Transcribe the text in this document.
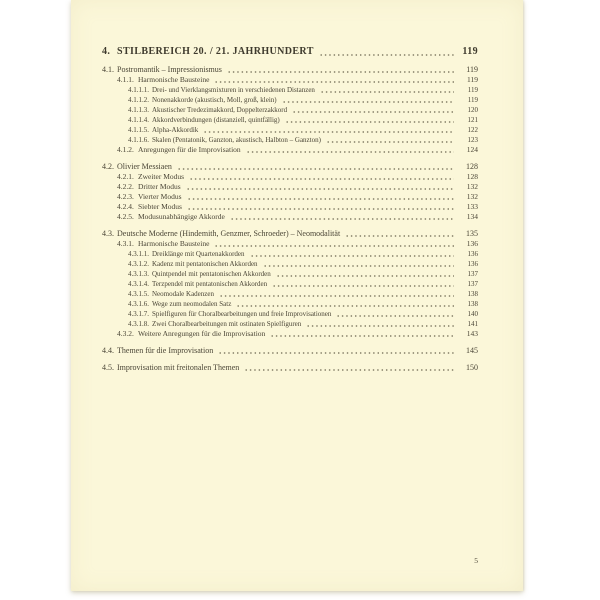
4. STILBEREICH 20. / 21. JAHRHUNDERT	119
4.1. Postromantik – Impressionismus	119
4.1.1. Harmonische Bausteine	119
4.1.1.1. Drei- und Vierklangsmixturen in verschiedenen Distanzen	119
4.1.1.2. Nonenakkorde (akustisch, Moll, groß, klein)	119
4.1.1.3. Akustischer Tredezimakkord, Doppelterzakkord	120
4.1.1.4. Akkordverbindungen (distanziell, quintfällig)	121
4.1.1.5. Alpha-Akkordik	122
4.1.1.6. Skalen (Pentatonik, Ganzton, akustisch, Halbton – Ganzton)	123
4.1.2. Anregungen für die Improvisation	124
4.2. Olivier Messiaen	128
4.2.1. Zweiter Modus	128
4.2.2. Dritter Modus	132
4.2.3. Vierter Modus	132
4.2.4. Siebter Modus	133
4.2.5. Modusunabhängige Akkorde	134
4.3. Deutsche Moderne (Hindemith, Genzmer, Schroeder) – Neomodalität	135
4.3.1. Harmonische Bausteine	136
4.3.1.1. Dreiklänge mit Quartenakkorden	136
4.3.1.2. Kadenz mit pentatonischen Akkorden	136
4.3.1.3. Quintpendel mit pentatonischen Akkorden	137
4.3.1.4. Terzpendel mit pentatonischen Akkorden	137
4.3.1.5. Neomodale Kadenzen	138
4.3.1.6. Wege zum neomodalen Satz	138
4.3.1.7. Spielfiguren für Choralbearbeitungen und freie Improvisationen	140
4.3.1.8. Zwei Choralbearbeitungen mit ostinaten Spielfiguren	141
4.3.2. Weitere Anregungen für die Improvisation	143
4.4. Themen für die Improvisation	145
4.5. Improvisation mit freitonalen Themen	150
5
